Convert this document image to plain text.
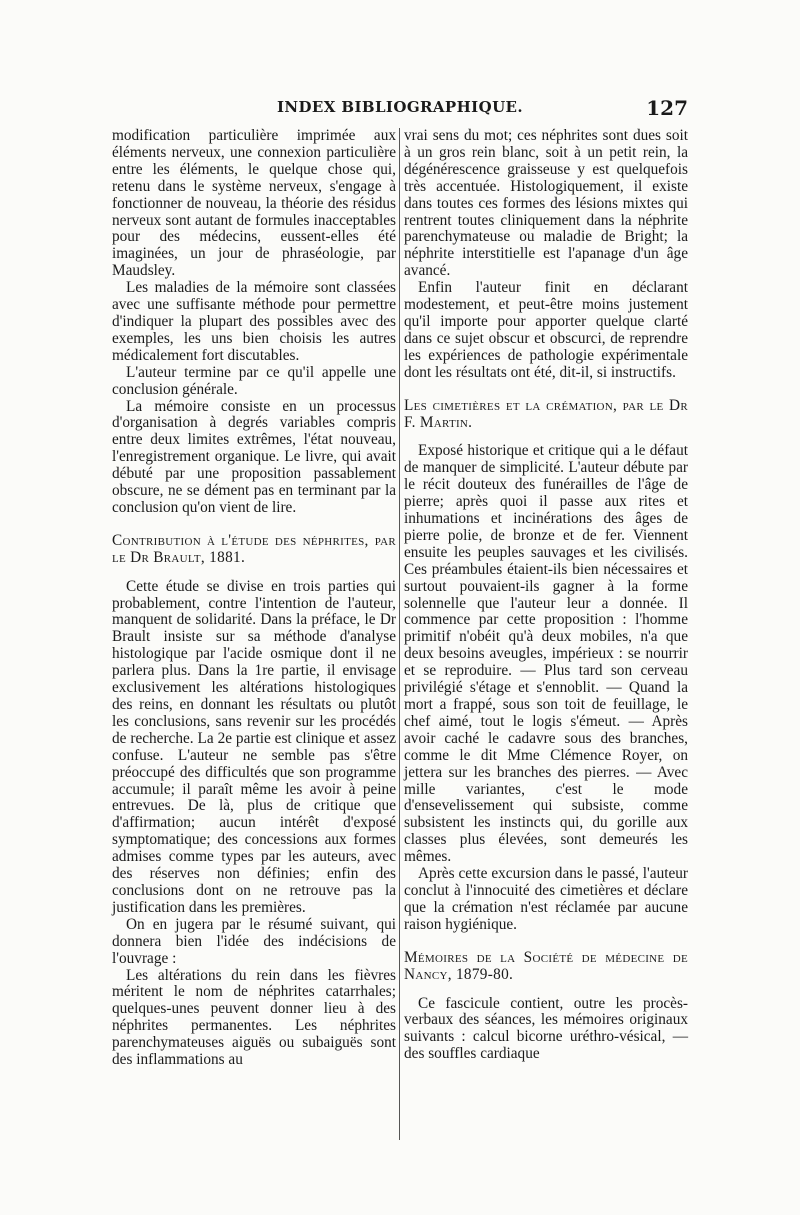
INDEX BIBLIOGRAPHIQUE.	127

modification particulière imprimée aux éléments nerveux, une connexion particulière entre les éléments, le quelque chose qui, retenu dans le système nerveux, s'engage à fonctionner de nouveau, la théorie des résidus nerveux sont autant de formules inacceptables pour des médecins, eussent-elles été imaginées, un jour de phraséologie, par Maudsley.

Les maladies de la mémoire sont classées avec une suffisante méthode pour permettre d'indiquer la plupart des possibles avec des exemples, les uns bien choisis les autres médicalement fort discutables.

L'auteur termine par ce qu'il appelle une conclusion générale.

La mémoire consiste en un processus d'organisation à degrés variables compris entre deux limites extrêmes, l'état nouveau, l'enregistrement organique. Le livre, qui avait débuté par une proposition passablement obscure, ne se dément pas en terminant par la conclusion qu'on vient de lire.

Contribution à l'étude des néphrites, par le Dr Brault, 1881.

Cette étude se divise en trois parties qui probablement, contre l'intention de l'auteur, manquent de solidarité. Dans la préface, le Dr Brault insiste sur sa méthode d'analyse histologique par l'acide osmique dont il ne parlera plus. Dans la 1re partie, il envisage exclusivement les altérations histologiques des reins, en donnant les résultats ou plutôt les conclusions, sans revenir sur les procédés de recherche. La 2e partie est clinique et assez confuse. L'auteur ne semble pas s'être préoccupé des difficultés que son programme accumule; il paraît même les avoir à peine entrevues. De là, plus de critique que d'affirmation; aucun intérêt d'exposé symptomatique; des concessions aux formes admises comme types par les auteurs, avec des réserves non définies; enfin des conclusions dont on ne retrouve pas la justification dans les premières.

On en jugera par le résumé suivant, qui donnera bien l'idée des indécisions de l'ouvrage :

Les altérations du rein dans les fièvres méritent le nom de néphrites catarrhales; quelques-unes peuvent donner lieu à des néphrites permanentes. Les néphrites parenchymateuses aiguës ou subaiguës sont des inflammations au

vrai sens du mot; ces néphrites sont dues soit à un gros rein blanc, soit à un petit rein, la dégénérescence graisseuse y est quelquefois très accentuée. Histologiquement, il existe dans toutes ces formes des lésions mixtes qui rentrent toutes cliniquement dans la néphrite parenchymateuse ou maladie de Bright; la néphrite interstitielle est l'apanage d'un âge avancé.

Enfin l'auteur finit en déclarant modestement, et peut-être moins justement qu'il importe pour apporter quelque clarté dans ce sujet obscur et obscurci, de reprendre les expériences de pathologie expérimentale dont les résultats ont été, dit-il, si instructifs.

Les cimetières et la crémation, par le Dr F. Martin.

Exposé historique et critique qui a le défaut de manquer de simplicité. L'auteur débute par le récit douteux des funérailles de l'âge de pierre; après quoi il passe aux rites et inhumations et incinérations des âges de pierre polie, de bronze et de fer. Viennent ensuite les peuples sauvages et les civilisés. Ces préambules étaient-ils bien nécessaires et surtout pouvaient-ils gagner à la forme solennelle que l'auteur leur a donnée. Il commence par cette proposition : l'homme primitif n'obéit qu'à deux mobiles, n'a que deux besoins aveugles, impérieux : se nourrir et se reproduire. — Plus tard son cerveau privilégié s'étage et s'ennoblit. — Quand la mort a frappé, sous son toit de feuillage, le chef aimé, tout le logis s'émeut. — Après avoir caché le cadavre sous des branches, comme le dit Mme Clémence Royer, on jettera sur les branches des pierres. — Avec mille variantes, c'est le mode d'ensevelissement qui subsiste, comme subsistent les instincts qui, du gorille aux classes plus élevées, sont demeurés les mêmes.

Après cette excursion dans le passé, l'auteur conclut à l'innocuité des cimetières et déclare que la crémation n'est réclamée par aucune raison hygiénique.

Mémoires de la Société de médecine de Nancy, 1879-80.

Ce fascicule contient, outre les procès-verbaux des séances, les mémoires originaux suivants : calcul bicorne uréthro-vésical, — des souffles cardiaque
